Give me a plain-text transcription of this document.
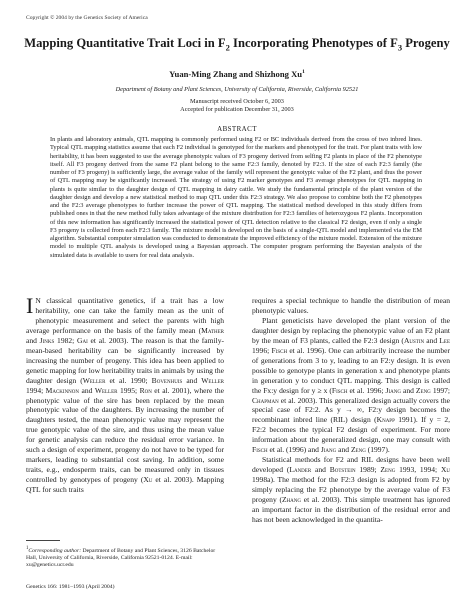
Copyright © 2004 by the Genetics Society of America
Mapping Quantitative Trait Loci in $F_2$ Incorporating Phenotypes of $F_3$ Progeny
Yuan-Ming Zhang and Shizhong Xu$^1$
Department of Botany and Plant Sciences, University of California, Riverside, California 92521
Manuscript received October 6, 2003
Accepted for publication December 31, 2003
ABSTRACT
In plants and laboratory animals, QTL mapping is commonly performed using F2 or BC individuals derived from the cross of two inbred lines. Typical QTL mapping statistics assume that each F2 individual is genotyped for the markers and phenotyped for the trait. For plant traits with low heritability, it has been suggested to use the average phenotypic values of F3 progeny derived from selfing F2 plants in place of the F2 phenotype itself. All F3 progeny derived from the same F2 plant belong to the same F2:3 family, denoted by F2:3. If the size of each F2:3 family (the number of F3 progeny) is sufficiently large, the average value of the family will represent the genotypic value of the F2 plant, and thus the power of QTL mapping may be significantly increased. The strategy of using F2 marker genotypes and F3 average phenotypes for QTL mapping in plants is quite similar to the daughter design of QTL mapping in dairy cattle. We study the fundamental principle of the plant version of the daughter design and develop a new statistical method to map QTL under this F2:3 strategy. We also propose to combine both the F2 phenotypes and the F2:3 average phenotypes to further increase the power of QTL mapping. The statistical method developed in this study differs from published ones in that the new method fully takes advantage of the mixture distribution for F2:3 families of heterozygous F2 plants. Incorporation of this new information has significantly increased the statistical power of QTL detection relative to the classical F2 design, even if only a single F3 progeny is collected from each F2:3 family. The mixture model is developed on the basis of a single-QTL model and implemented via the EM algorithm. Substantial computer simulation was conducted to demonstrate the improved efficiency of the mixture model. Extension of the mixture model to multiple QTL analysis is developed using a Bayesian approach. The computer program performing the Bayesian analysis of the simulated data is available to users for real data analysis.

I N classical quantitative genetics, if a trait has a low heritability, one can take the family mean as the unit of phenotypic measurement and select the parents with high average performance on the basis of the family mean (Mather and Jinks 1982; Gai et al. 2003). The reason is that the family-mean-based heritability can be significantly increased by increasing the number of progeny. This idea has been applied to genetic mapping for low heritability traits in animals by using the daughter design (Weller et al. 1990; Bovenhuis and Weller 1994; Mackinnon and Weller 1995; Ron et al. 2001), where the phenotypic value of the sire has been replaced by the mean phenotypic value of the daughters. By increasing the number of daughters tested, the mean phenotypic value may represent the true genotypic value of the sire, and thus using the mean value for genetic analysis can reduce the residual error variance. In such a design of experiment, progeny do not have to be typed for markers, leading to substantial cost saving. In addition, some traits, e.g., endosperm traits, can be measured only in tissues controlled by genotypes of progeny (Xu et al. 2003). Mapping QTL for such traits

requires a special technique to handle the distribution of mean phenotypic values.

Plant geneticists have developed the plant version of the daughter design by replacing the phenotypic value of an F2 plant by the mean of F3 plants, called the F2:3 design (Austin and Lee 1996; Fisch et al. 1996). One can arbitrarily increase the number of generations from 3 to y, leading to an F2:y design. It is even possible to genotype plants in generation x and phenotype plants in generation y to conduct QTL mapping. This design is called the Fx:y design for y ≥ x (Fisch et al. 1996; Jiang and Zeng 1997; Chapman et al. 2003). This generalized design actually covers the special case of F2:2. As y → ∞, F2:y design becomes the recombinant inbred line (RIL) design (Knapp 1991). If y = 2, F2:2 becomes the typical F2 design of experiment. For more information about the generalized design, one may consult with Fisch et al. (1996) and Jiang and Zeng (1997).

Statistical methods for F2 and RIL designs have been well developed (Lander and Botstein 1989; Zeng 1993, 1994; Xu 1998a). The method for the F2:3 design is adopted from F2 by simply replacing the F2 phenotype by the average value of F3 progeny (Zhang et al. 2003). This simple treatment has ignored an important factor in the distribution of the residual error and has not been acknowledged in the quantita-

$^1$Corresponding author: Department of Botany and Plant Sciences, 3126 Batchelor Hall, University of California, Riverside, California 92521-0124. E-mail: xu@genetics.ucr.edu
Genetics 166: 1981–1993 (April 2004)
